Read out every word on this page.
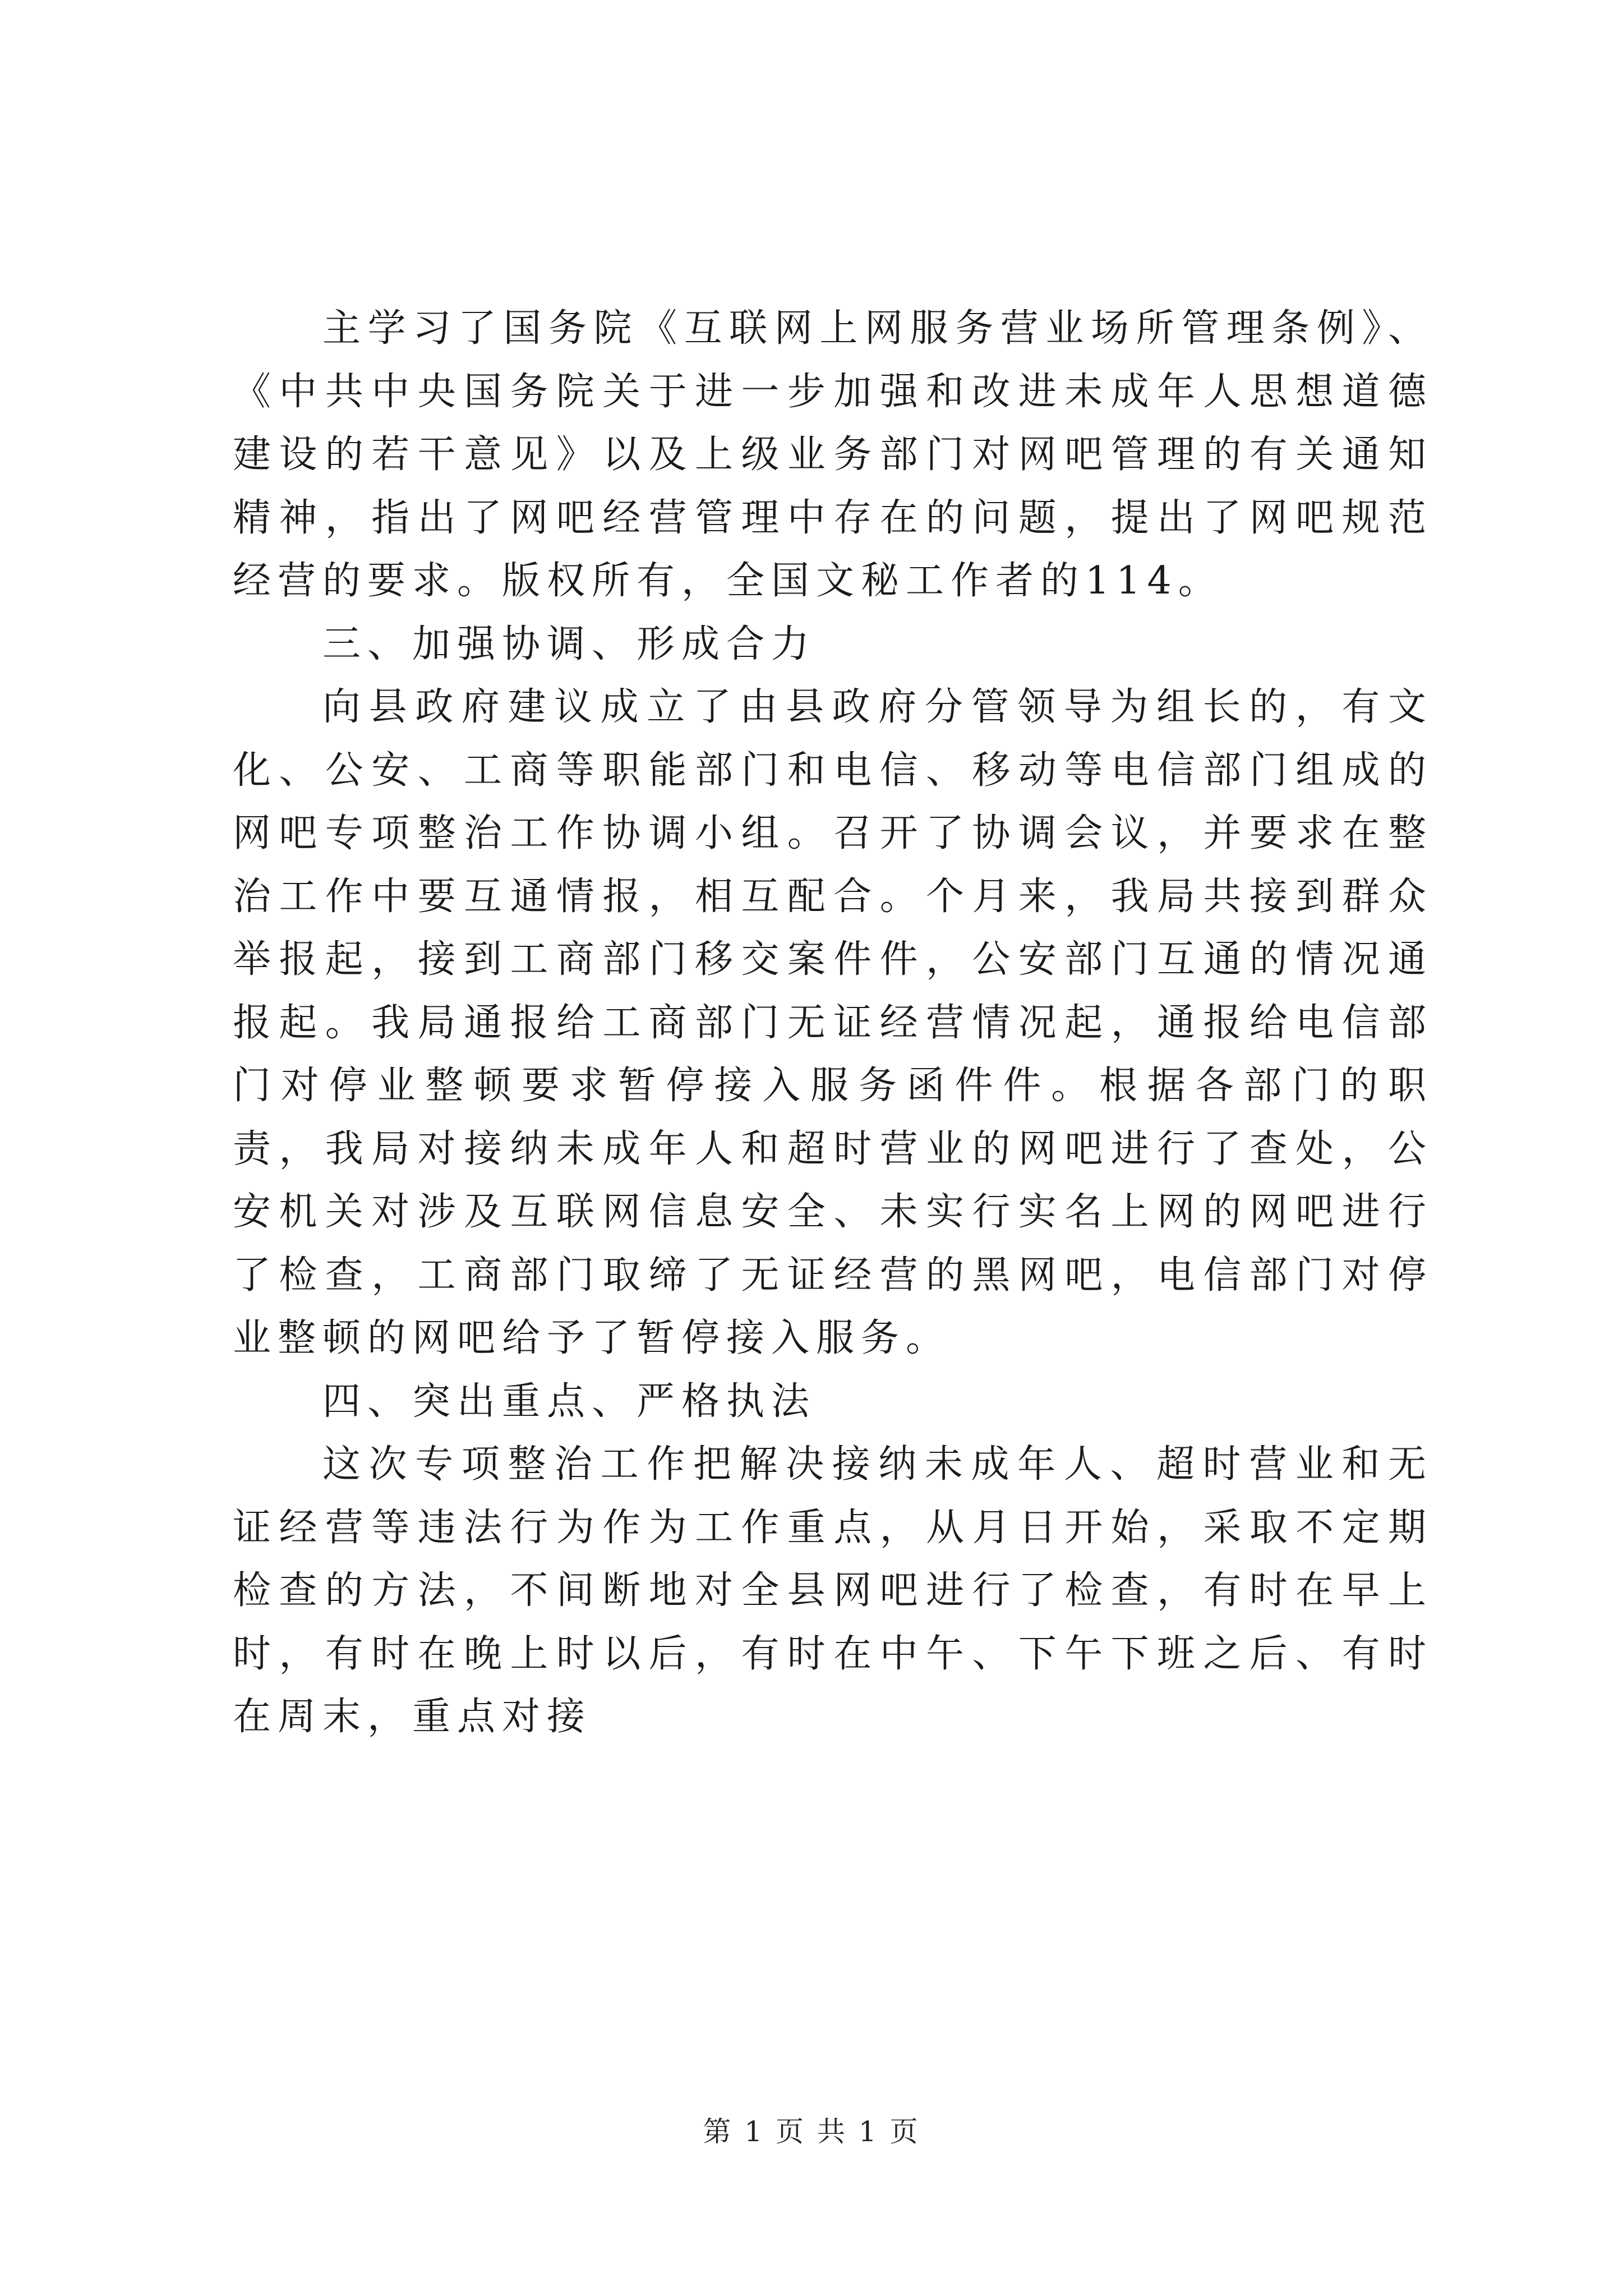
主学习了国务院《互联网上网服务营业场所管理条例》、《中共中央国务院关于进一步加强和改进未成年人思想道德建设的若干意见》以及上级业务部门对网吧管理的有关通知精神，指出了网吧经营管理中存在的问题，提出了网吧规范经营的要求。版权所有，全国文秘工作者的114。

三、加强协调、形成合力

向县政府建议成立了由县政府分管领导为组长的，有文化、公安、工商等职能部门和电信、移动等电信部门组成的网吧专项整治工作协调小组。召开了协调会议，并要求在整治工作中要互通情报，相互配合。个月来，我局共接到群众举报起，接到工商部门移交案件件，公安部门互通的情况通报起。我局通报给工商部门无证经营情况起，通报给电信部门对停业整顿要求暂停接入服务函件件。根据各部门的职责，我局对接纳未成年人和超时营业的网吧进行了查处，公安机关对涉及互联网信息安全、未实行实名上网的网吧进行了检查，工商部门取缔了无证经营的黑网吧，电信部门对停业整顿的网吧给予了暂停接入服务。

四、突出重点、严格执法

这次专项整治工作把解决接纳未成年人、超时营业和无证经营等违法行为作为工作重点，从月日开始，采取不定期检查的方法，不间断地对全县网吧进行了检查，有时在早上时，有时在晚上时以后，有时在中午、下午下班之后、有时在周末，重点对接

第 1 页 共 1 页
